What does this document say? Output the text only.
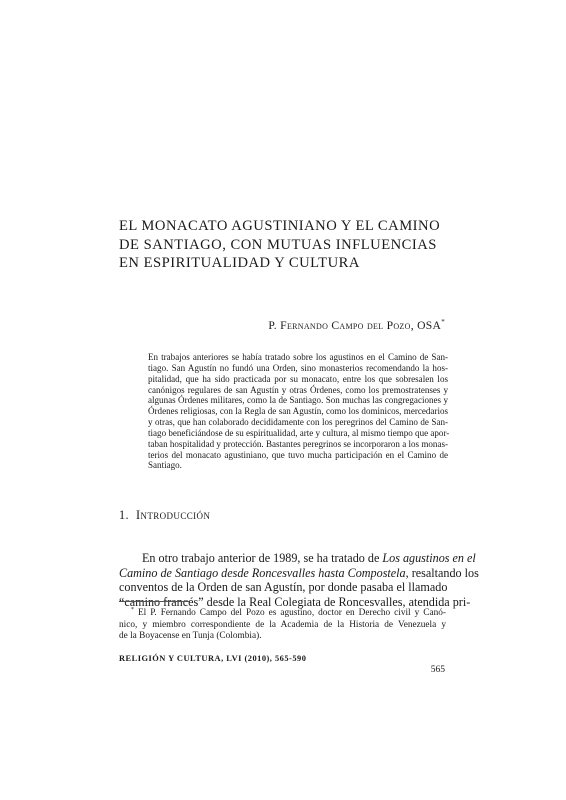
EL MONACATO AGUSTINIANO Y EL CAMINO
DE SANTIAGO, CON MUTUAS INFLUENCIAS
EN ESPIRITUALIDAD Y CULTURA
P. Fernando Campo del Pozo, OSA*
En trabajos anteriores se había tratado sobre los agustinos en el Camino de San-
tiago. San Agustín no fundó una Orden, sino monasterios recomendando la hos-
pitalidad, que ha sido practicada por su monacato, entre los que sobresalen los
canónigos regulares de san Agustín y otras Órdenes, como los premostratenses y
algunas Órdenes militares, como la de Santiago. Son muchas las congregaciones y
Órdenes religiosas, con la Regla de san Agustín, como los dominicos, mercedarios
y otras, que han colaborado decididamente con los peregrinos del Camino de San-
tiago beneficiándose de su espiritualidad, arte y cultura, al mismo tiempo que apor-
taban hospitalidad y protección. Bastantes peregrinos se incorporaron a los monas-
terios del monacato agustiniano, que tuvo mucha participación en el Camino de
Santiago.
1. Introducción
En otro trabajo anterior de 1989, se ha tratado de Los agustinos en el
Camino de Santiago desde Roncesvalles hasta Compostela, resaltando los
conventos de la Orden de san Agustín, por donde pasaba el llamado
“camino francés” desde la Real Colegiata de Roncesvalles, atendida pri-
* El P. Fernando Campo del Pozo es agustino, doctor en Derecho civil y Canó-
nico, y miembro correspondiente de la Academia de la Historia de Venezuela y
de la Boyacense en Tunja (Colombia).
RELIGIÓN Y CULTURA, LVI (2010), 565-590
565
